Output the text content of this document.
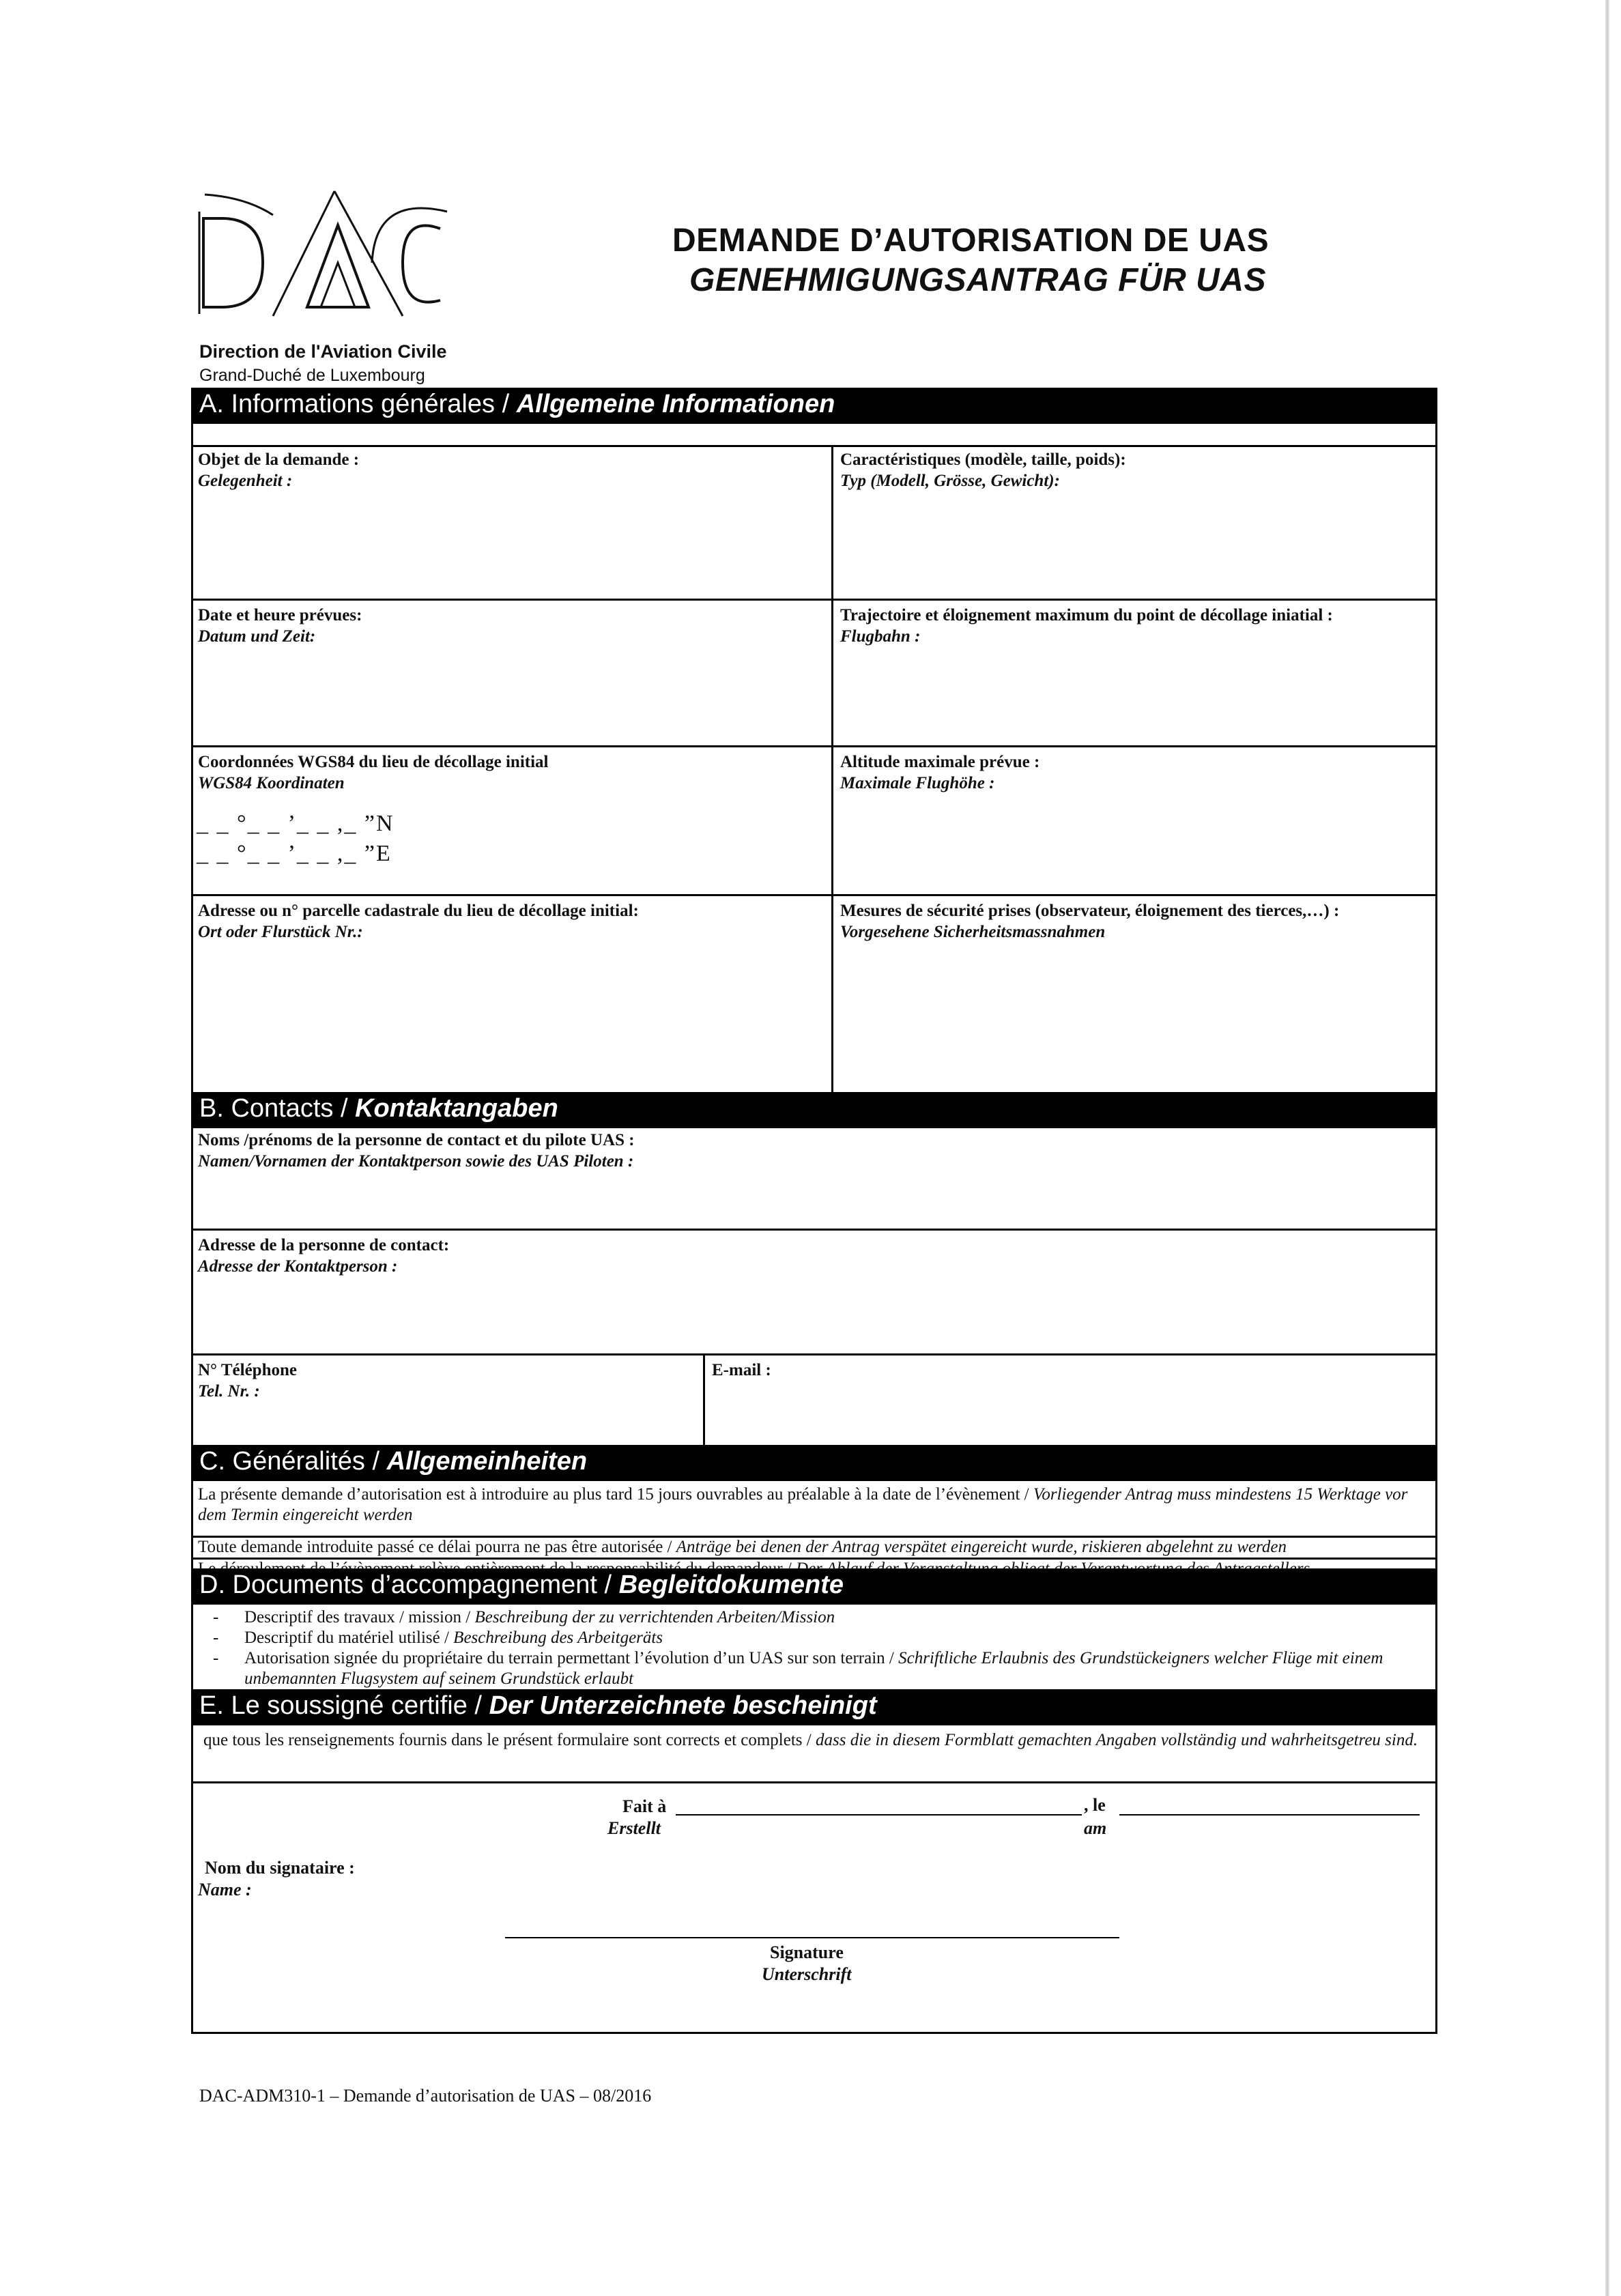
Direction de l'Aviation Civile
Grand-Duché de Luxembourg
DEMANDE D’AUTORISATION DE UAS
GENEHMIGUNGSANTRAG FÜR UAS
A. Informations générales / Allgemeine Informationen
Objet de la demande :
Gelegenheit :
Caractéristiques (modèle, taille, poids):
Typ (Modell, Grösse, Gewicht):
Date et heure prévues:
Datum und Zeit:
Trajectoire et éloignement maximum du point de décollage iniatial :
Flugbahn :
Coordonnées WGS84 du lieu de décollage initial
WGS84 Koordinaten
_ _ °_ _ ’_ _ ,_ ”N
_ _ °_ _ ’_ _ ,_ ”E
Altitude maximale prévue :
Maximale Flughöhe :
Adresse ou n° parcelle cadastrale du lieu de décollage initial:
Ort oder Flurstück Nr.:
Mesures de sécurité prises (observateur, éloignement des tierces,…) :
Vorgesehene Sicherheitsmassnahmen
B. Contacts / Kontaktangaben
Noms /prénoms de la personne de contact et du pilote UAS :
Namen/Vornamen der Kontaktperson sowie des UAS Piloten :
Adresse de la personne de contact:
Adresse der Kontaktperson :
N° Téléphone
Tel. Nr. :
E-mail :
C. Généralités / Allgemeinheiten
La présente demande d’autorisation est à introduire au plus tard 15 jours ouvrables au préalable à la date de l’évènement / Vorliegender Antrag muss mindestens 15 Werktage vor dem Termin eingereicht werden
Toute demande introduite passé ce délai pourra ne pas être autorisée / Anträge bei denen der Antrag verspätet eingereicht wurde, riskieren abgelehnt zu werden
D. Documents d’accompagnement / Begleitdokumente
- Descriptif des travaux / mission / Beschreibung der zu verrichtenden Arbeiten/Mission
- Descriptif du matériel utilisé / Beschreibung des Arbeitgeräts
- Autorisation signée du propriétaire du terrain permettant l’évolution d’un UAS sur son terrain / Schriftliche Erlaubnis des Grundstückeigners welcher Flüge mit einem unbemannten Flugsystem auf seinem Grundstück erlaubt
E. Le soussigné certifie / Der Unterzeichnete bescheinigt
que tous les renseignements fournis dans le présent formulaire sont corrects et complets / dass die in diesem Formblatt gemachten Angaben vollständig und wahrheitsgetreu sind.
Fait à
Erstellt
, le
am
Nom du signataire :
Name :
Signature
Unterschrift
DAC-ADM310-1 – Demande d’autorisation de UAS – 08/2016
